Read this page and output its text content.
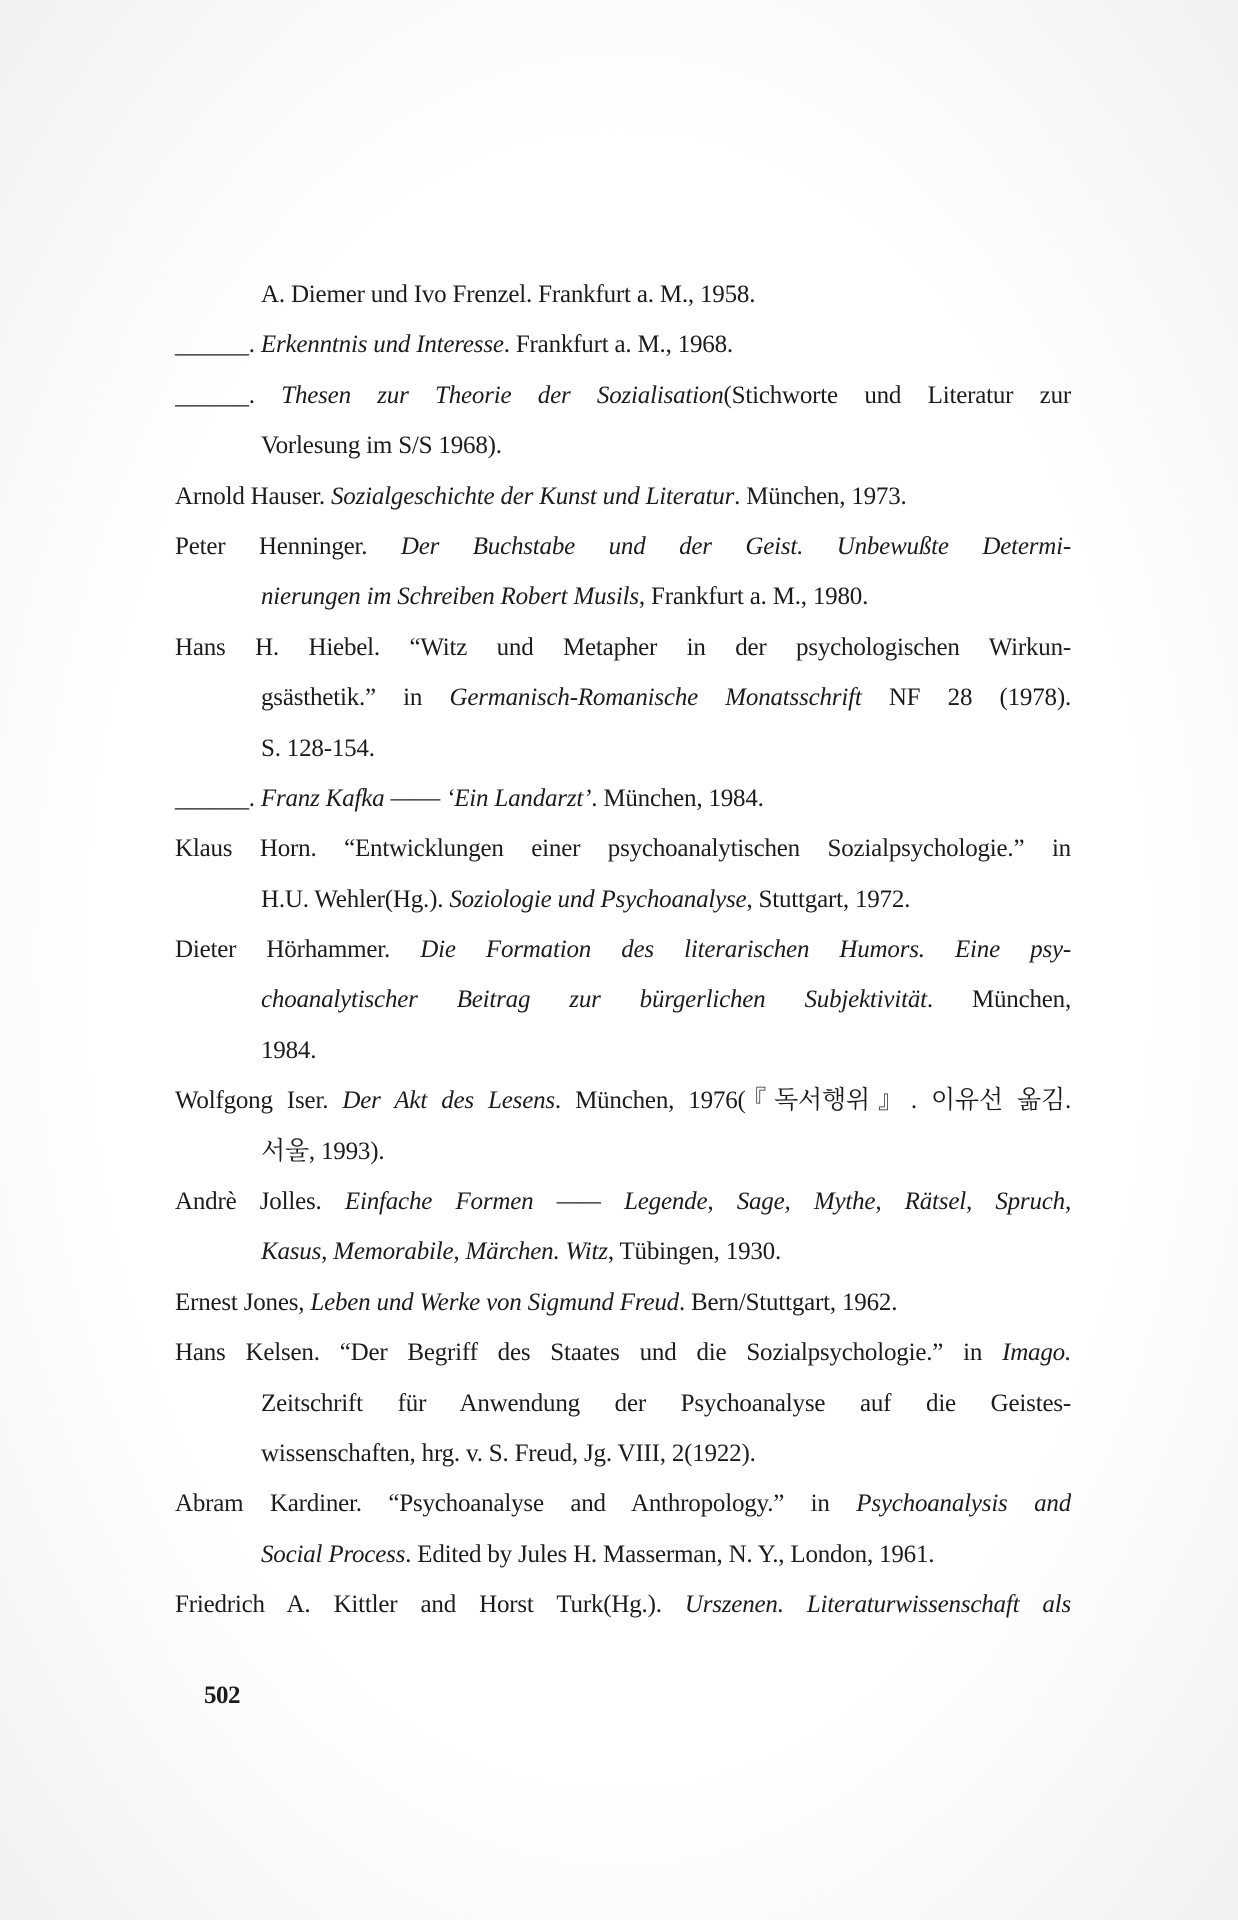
A. Diemer und Ivo Frenzel. Frankfurt a. M., 1958.
______. Erkenntnis und Interesse. Frankfurt a. M., 1968.
______. Thesen zur Theorie der Sozialisation(Stichworte und Literatur zur
Vorlesung im S/S 1968).
Arnold Hauser. Sozialgeschichte der Kunst und Literatur. München, 1973.
Peter Henninger. Der Buchstabe und der Geist. Unbewußte Determi-
nierungen im Schreiben Robert Musils, Frankfurt a. M., 1980.
Hans H. Hiebel. “Witz und Metapher in der psychologischen Wirkun-
gsästhetik.” in Germanisch-Romanische Monatsschrift NF 28 (1978).
S. 128-154.
______. Franz Kafka —— ‘Ein Landarzt’. München, 1984.
Klaus Horn. “Entwicklungen einer psychoanalytischen Sozialpsychologie.” in
H.U. Wehler(Hg.). Soziologie und Psychoanalyse, Stuttgart, 1972.
Dieter Hörhammer. Die Formation des literarischen Humors. Eine psy-
choanalytischer Beitrag zur bürgerlichen Subjektivität. München,
1984.
Wolfgong Iser. Der Akt des Lesens. München, 1976(『독서행위』. 이유선 옮김.
서울, 1993).
Andrè Jolles. Einfache Formen —— Legende, Sage, Mythe, Rätsel, Spruch,
Kasus, Memorabile, Märchen. Witz, Tübingen, 1930.
Ernest Jones, Leben und Werke von Sigmund Freud. Bern/Stuttgart, 1962.
Hans Kelsen. “Der Begriff des Staates und die Sozialpsychologie.” in Imago.
Zeitschrift für Anwendung der Psychoanalyse auf die Geistes-
wissenschaften, hrg. v. S. Freud, Jg. VIII, 2(1922).
Abram Kardiner. “Psychoanalyse and Anthropology.” in Psychoanalysis and
Social Process. Edited by Jules H. Masserman, N. Y., London, 1961.
Friedrich A. Kittler and Horst Turk(Hg.). Urszenen. Literaturwissenschaft als
502
